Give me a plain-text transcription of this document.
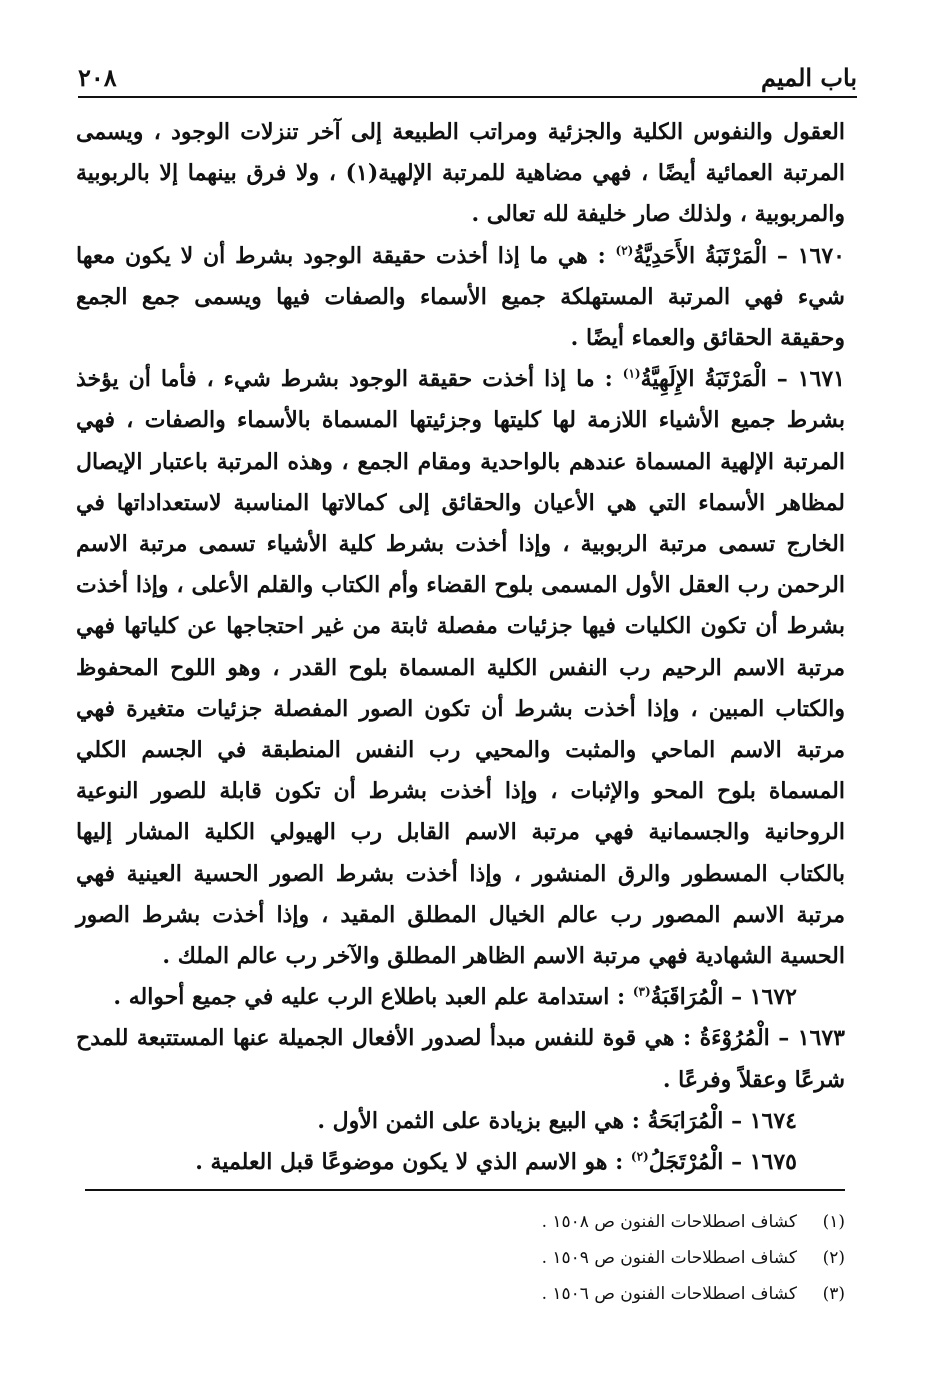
٢٠٨	باب الميم

العقول والنفوس الكلية والجزئية ومراتب الطبيعة إلى آخر تنزلات الوجود ، ويسمى المرتبة العمائية أيضًا ، فهي مضاهية للمرتبة الإلهية(١) ، ولا فرق بينهما إلا بالربوبية والمربوبية ، ولذلك صار خليفة لله تعالى .

١٦٧٠ – الْمَرْتَبَةُ الأَحَدِيَّةُ$^{(٢)}$ : هي ما إذا أخذت حقيقة الوجود بشرط أن لا يكون معها شيء فهي المرتبة المستهلكة جميع الأسماء والصفات فيها ويسمى جمع الجمع وحقيقة الحقائق والعماء أيضًا .

١٦٧١ – الْمَرْتَبَةُ الإِلَهِيَّةُ$^{(١)}$ : ما إذا أخذت حقيقة الوجود بشرط شيء ، فأما أن يؤخذ بشرط جميع الأشياء اللازمة لها كليتها وجزئيتها المسماة بالأسماء والصفات ، فهي المرتبة الإلهية المسماة عندهم بالواحدية ومقام الجمع ، وهذه المرتبة باعتبار الإيصال لمظاهر الأسماء التي هي الأعيان والحقائق إلى كمالاتها المناسبة لاستعداداتها في الخارج تسمى مرتبة الربوبية ، وإذا أخذت بشرط كلية الأشياء تسمى مرتبة الاسم الرحمن رب العقل الأول المسمى بلوح القضاء وأم الكتاب والقلم الأعلى ، وإذا أخذت بشرط أن تكون الكليات فيها جزئيات مفصلة ثابتة من غير احتجاجها عن كلياتها فهي مرتبة الاسم الرحيم رب النفس الكلية المسماة بلوح القدر ، وهو اللوح المحفوظ والكتاب المبين ، وإذا أخذت بشرط أن تكون الصور المفصلة جزئيات متغيرة فهي مرتبة الاسم الماحي والمثبت والمحيي رب النفس المنطبقة في الجسم الكلي المسماة بلوح المحو والإثبات ، وإذا أخذت بشرط أن تكون قابلة للصور النوعية الروحانية والجسمانية فهي مرتبة الاسم القابل رب الهيولي الكلية المشار إليها بالكتاب المسطور والرق المنشور ، وإذا أخذت بشرط الصور الحسية العينية فهي مرتبة الاسم المصور رب عالم الخيال المطلق المقيد ، وإذا أخذت بشرط الصور الحسية الشهادية فهي مرتبة الاسم الظاهر المطلق والآخر رب عالم الملك .

١٦٧٢ – الْمُرَاقَبَةُ$^{(٣)}$ : استدامة علم العبد باطلاع الرب عليه في جميع أحواله .

١٦٧٣ – الْمُرُوْءَةُ : هي قوة للنفس مبدأ لصدور الأفعال الجميلة عنها المستتبعة للمدح شرعًا وعقلاً وفرعًا .

١٦٧٤ – الْمُرَابَحَةُ : هي البيع بزيادة على الثمن الأول .

١٦٧٥ – الْمُرْتَجَلُ$^{(٢)}$ : هو الاسم الذي لا يكون موضوعًا قبل العلمية .

(١)
كشاف اصطلاحات الفنون ص ١٥٠٨ .
(٢)
كشاف اصطلاحات الفنون ص ١٥٠٩ .
(٣)
كشاف اصطلاحات الفنون ص ١٥٠٦ .
